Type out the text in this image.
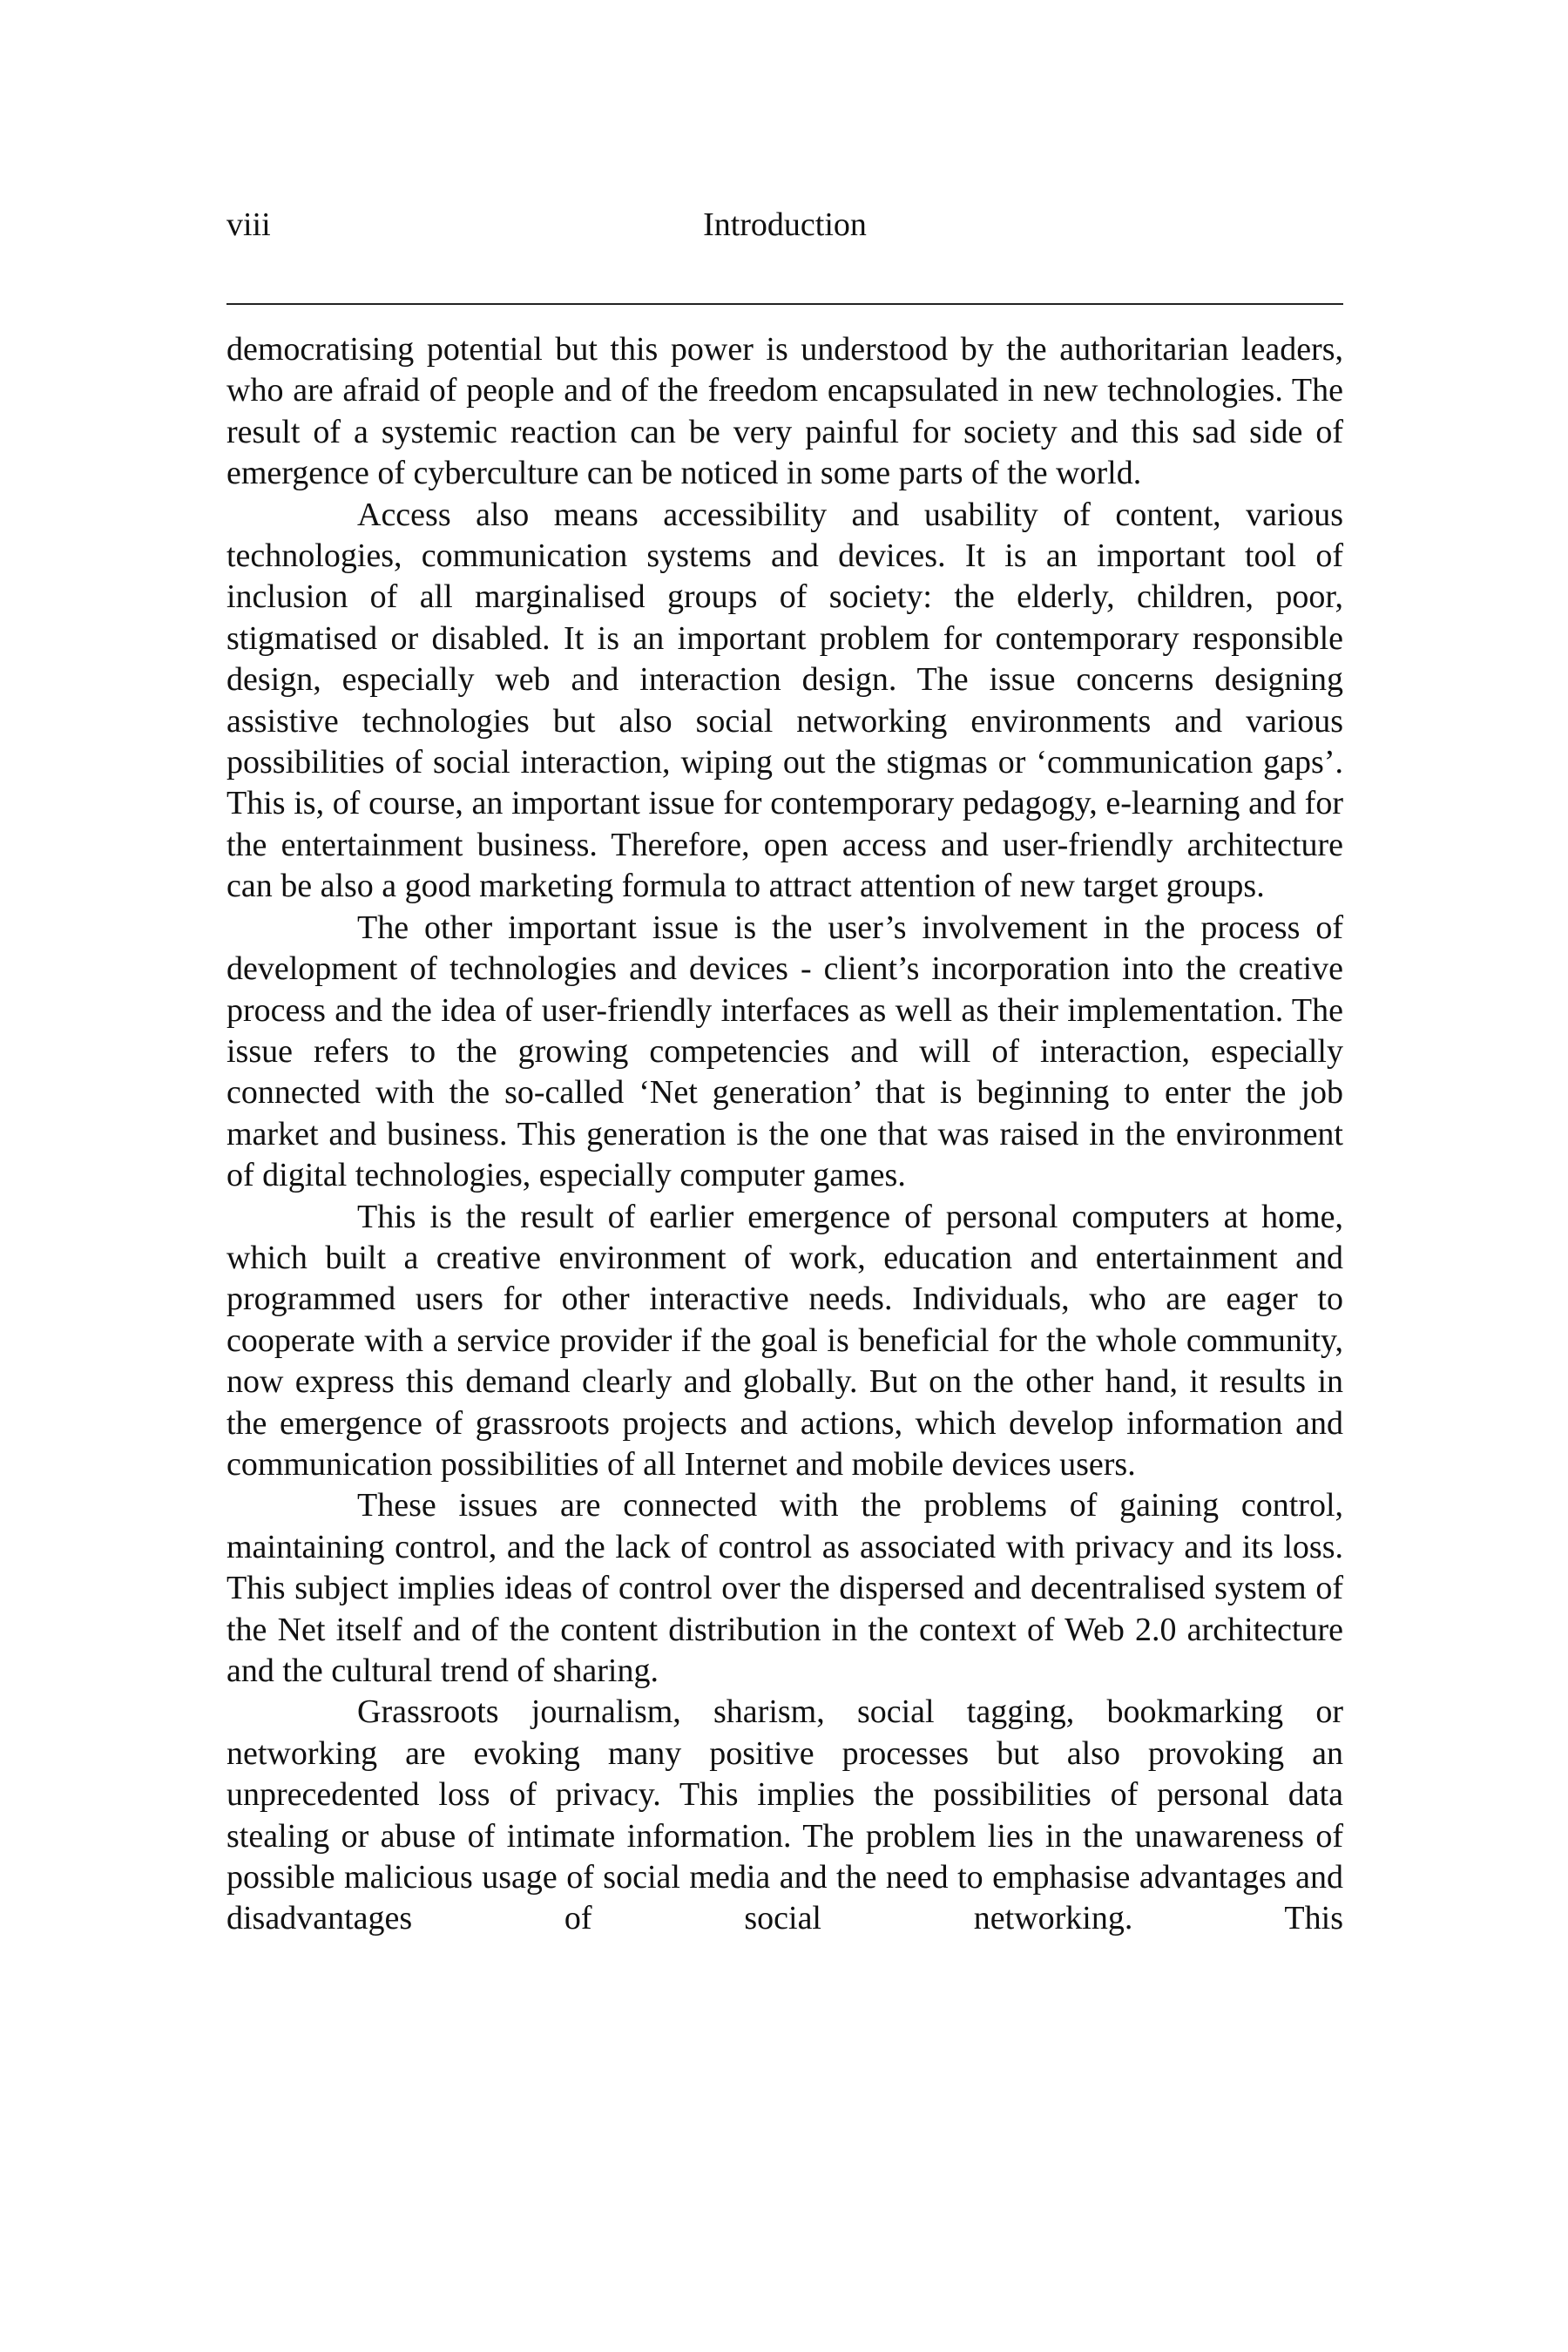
viii	Introduction

democratising potential but this power is understood by the authoritarian leaders, who are afraid of people and of the freedom encapsulated in new technologies. The result of a systemic reaction can be very painful for society and this sad side of emergence of cyberculture can be noticed in some parts of the world.

Access also means accessibility and usability of content, various technologies, communication systems and devices. It is an important tool of inclusion of all marginalised groups of society: the elderly, children, poor, stigmatised or disabled. It is an important problem for contemporary responsible design, especially web and interaction design. The issue concerns designing assistive technologies but also social networking environments and various possibilities of social interaction, wiping out the stigmas or ‘communication gaps’. This is, of course, an important issue for contemporary pedagogy, e-learning and for the entertainment business. Therefore, open access and user-friendly architecture can be also a good marketing formula to attract attention of new target groups.

The other important issue is the user’s involvement in the process of development of technologies and devices - client’s incorporation into the creative process and the idea of user-friendly interfaces as well as their implementation. The issue refers to the growing competencies and will of interaction, especially connected with the so-called ‘Net generation’ that is beginning to enter the job market and business. This generation is the one that was raised in the environment of digital technologies, especially computer games.

This is the result of earlier emergence of personal computers at home, which built a creative environment of work, education and entertainment and programmed users for other interactive needs. Individuals, who are eager to cooperate with a service provider if the goal is beneficial for the whole community, now express this demand clearly and globally. But on the other hand, it results in the emergence of grassroots projects and actions, which develop information and communication possibilities of all Internet and mobile devices users.

These issues are connected with the problems of gaining control, maintaining control, and the lack of control as associated with privacy and its loss. This subject implies ideas of control over the dispersed and decentralised system of the Net itself and of the content distribution in the context of Web 2.0 architecture and the cultural trend of sharing.

Grassroots journalism, sharism, social tagging, bookmarking or networking are evoking many positive processes but also provoking an unprecedented loss of privacy. This implies the possibilities of personal data stealing or abuse of intimate information. The problem lies in the unawareness of possible malicious usage of social media and the need to emphasise advantages and disadvantages of social networking. This
